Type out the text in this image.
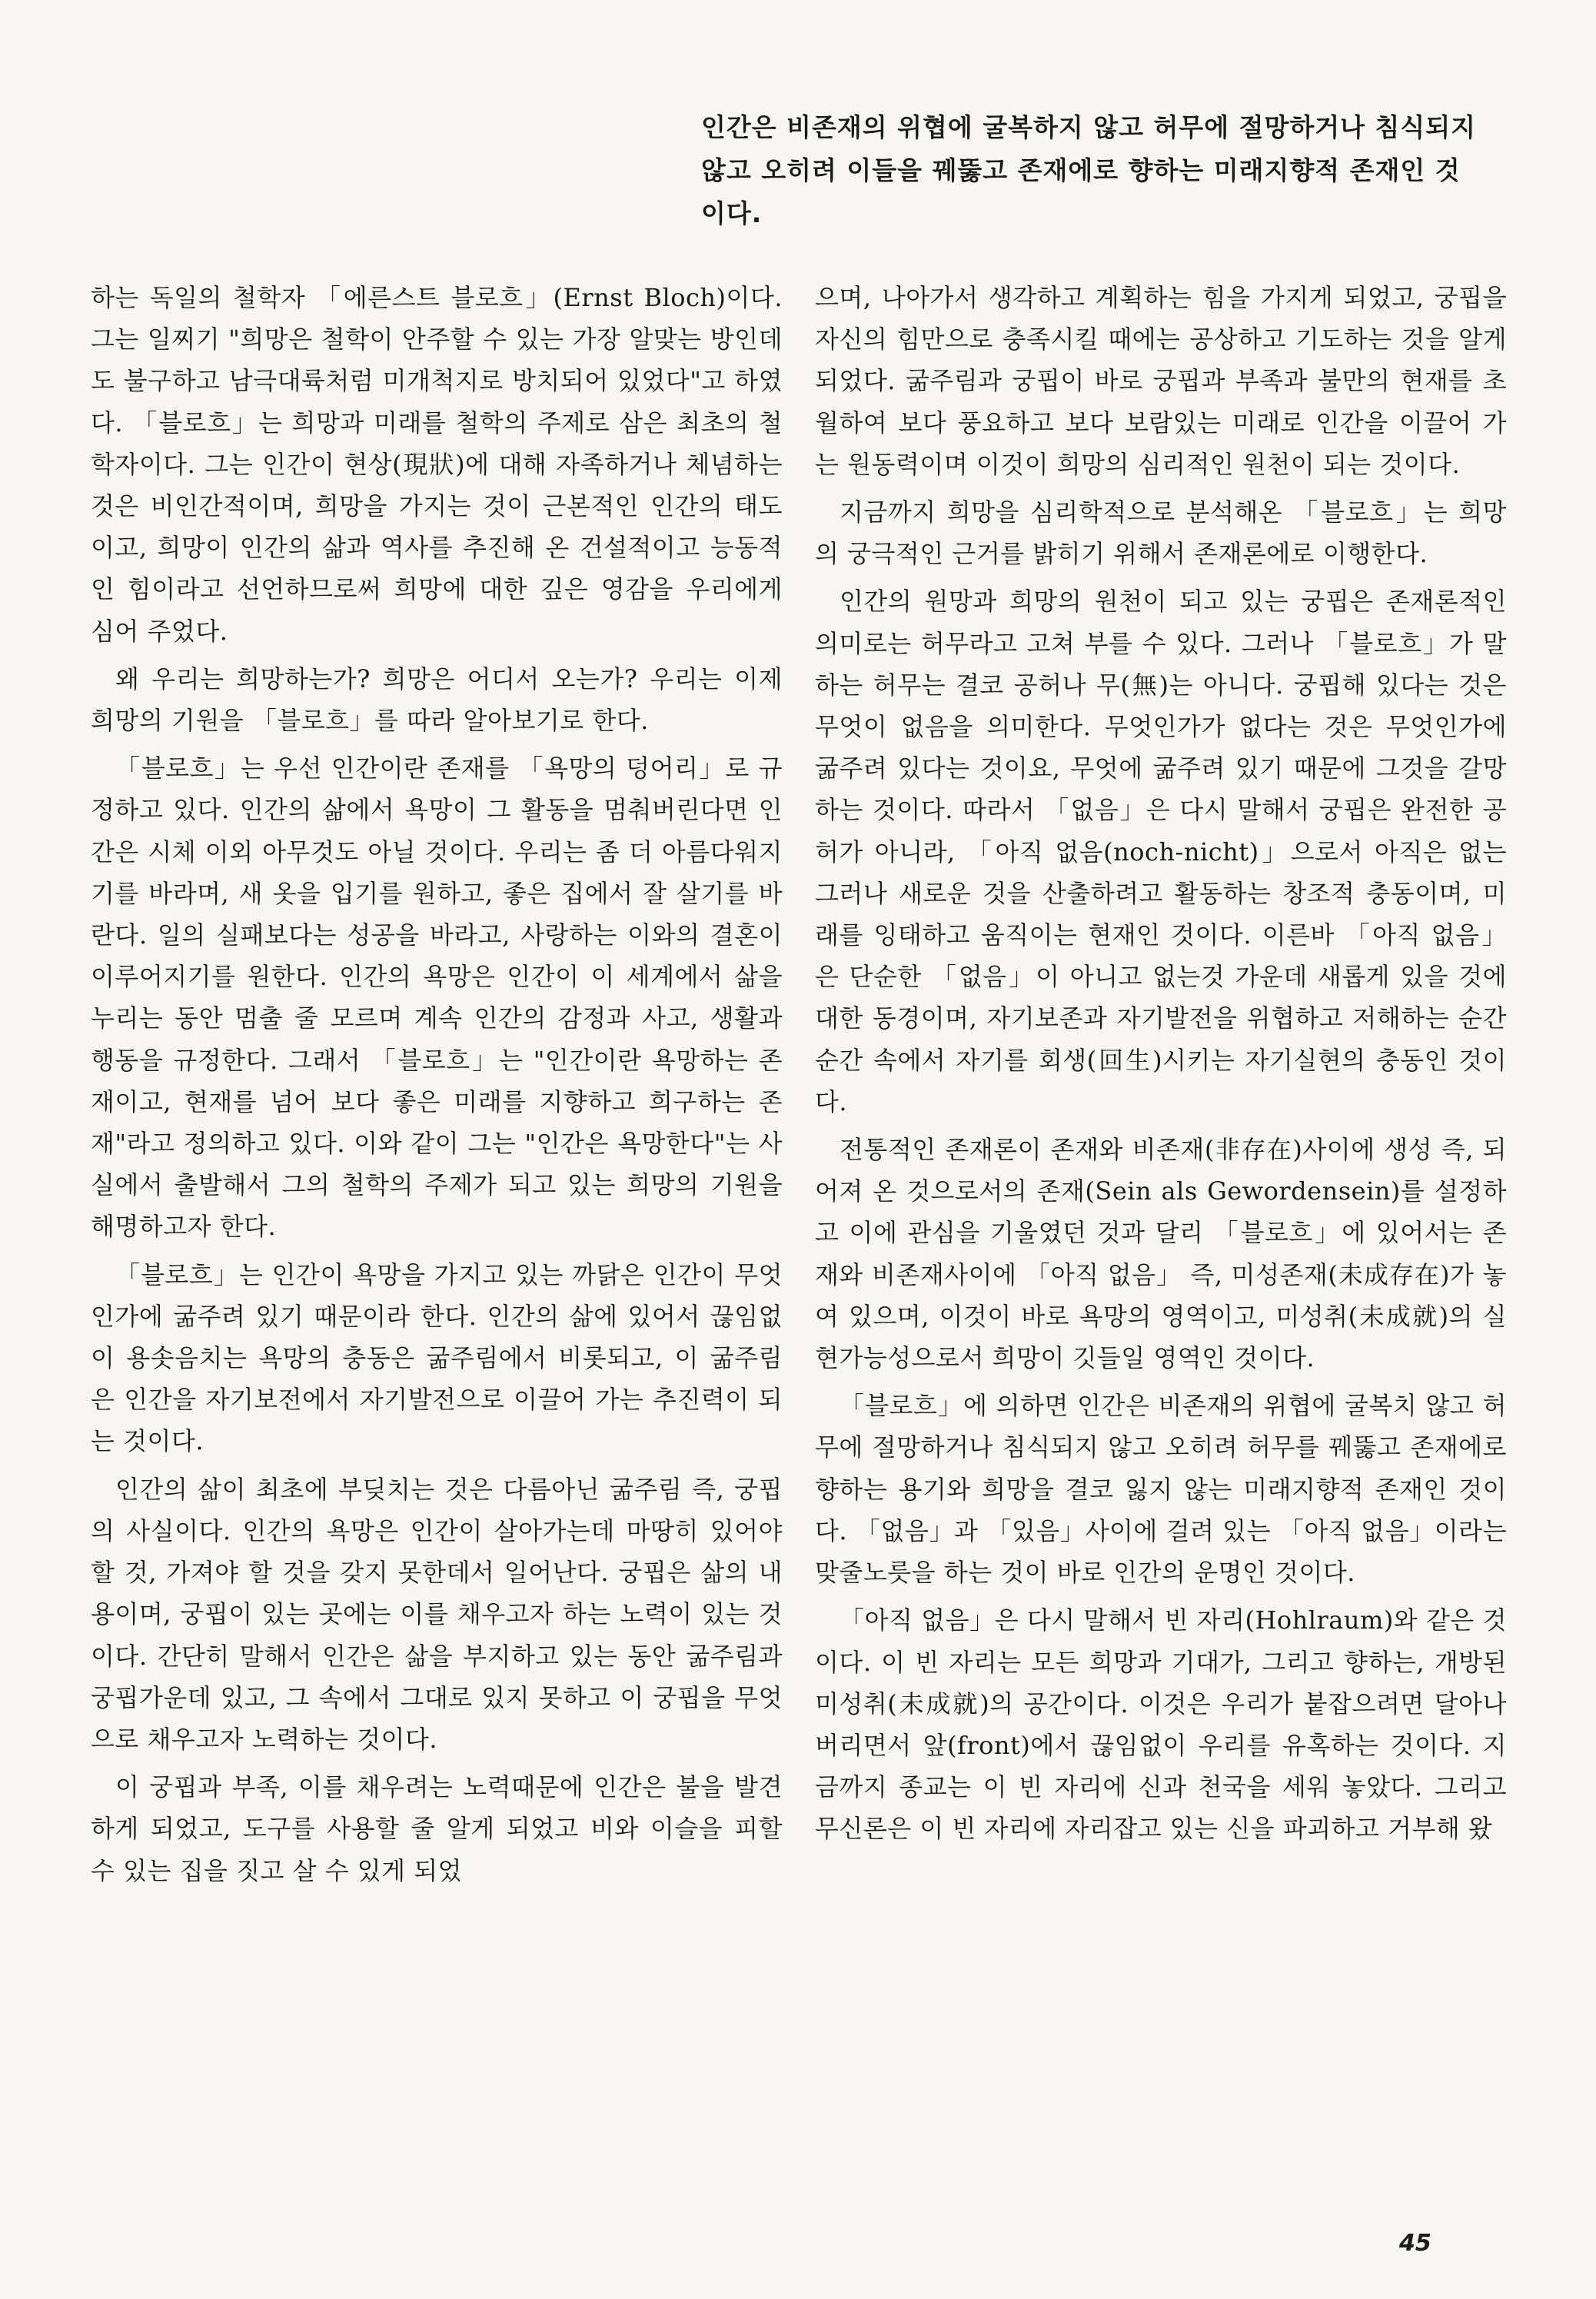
인간은 비존재의 위협에 굴복하지 않고 허무에 절망하거나 침식되지 않고 오히려 이들을 꿰뚫고 존재에로 향하는 미래지향적 존재인 것이다.

하는 독일의 철학자 「에른스트 블로흐」(Ernst Bloch)이다. 그는 일찌기 "희망은 철학이 안주할 수 있는 가장 알맞는 방인데도 불구하고 남극대륙처럼 미개척지로 방치되어 있었다"고 하였다. 「블로흐」는 희망과 미래를 철학의 주제로 삼은 최초의 철학자이다. 그는 인간이 현상(現狀)에 대해 자족하거나 체념하는 것은 비인간적이며, 희망을 가지는 것이 근본적인 인간의 태도이고, 희망이 인간의 삶과 역사를 추진해 온 건설적이고 능동적인 힘이라고 선언하므로써 희망에 대한 깊은 영감을 우리에게 심어 주었다.

왜 우리는 희망하는가? 희망은 어디서 오는가? 우리는 이제 희망의 기원을 「블로흐」를 따라 알아보기로 한다.

「블로흐」는 우선 인간이란 존재를 「욕망의 덩어리」로 규정하고 있다. 인간의 삶에서 욕망이 그 활동을 멈춰버린다면 인간은 시체 이외 아무것도 아닐 것이다. 우리는 좀 더 아름다워지기를 바라며, 새 옷을 입기를 원하고, 좋은 집에서 잘 살기를 바란다. 일의 실패보다는 성공을 바라고, 사랑하는 이와의 결혼이 이루어지기를 원한다. 인간의 욕망은 인간이 이 세계에서 삶을 누리는 동안 멈출 줄 모르며 계속 인간의 감정과 사고, 생활과 행동을 규정한다. 그래서 「블로흐」는 "인간이란 욕망하는 존재이고, 현재를 넘어 보다 좋은 미래를 지향하고 희구하는 존재"라고 정의하고 있다. 이와 같이 그는 "인간은 욕망한다"는 사실에서 출발해서 그의 철학의 주제가 되고 있는 희망의 기원을 해명하고자 한다.

「블로흐」는 인간이 욕망을 가지고 있는 까닭은 인간이 무엇인가에 굶주려 있기 때문이라 한다. 인간의 삶에 있어서 끊임없이 용솟음치는 욕망의 충동은 굶주림에서 비롯되고, 이 굶주림은 인간을 자기보전에서 자기발전으로 이끌어 가는 추진력이 되는 것이다.

인간의 삶이 최초에 부딪치는 것은 다름아닌 굶주림 즉, 궁핍의 사실이다. 인간의 욕망은 인간이 살아가는데 마땅히 있어야 할 것, 가져야 할 것을 갖지 못한데서 일어난다. 궁핍은 삶의 내용이며, 궁핍이 있는 곳에는 이를 채우고자 하는 노력이 있는 것이다. 간단히 말해서 인간은 삶을 부지하고 있는 동안 굶주림과 궁핍가운데 있고, 그 속에서 그대로 있지 못하고 이 궁핍을 무엇으로 채우고자 노력하는 것이다.

이 궁핍과 부족, 이를 채우려는 노력때문에 인간은 불을 발견하게 되었고, 도구를 사용할 줄 알게 되었고 비와 이슬을 피할 수 있는 집을 짓고 살 수 있게 되었

으며, 나아가서 생각하고 계획하는 힘을 가지게 되었고, 궁핍을 자신의 힘만으로 충족시킬 때에는 공상하고 기도하는 것을 알게 되었다. 굶주림과 궁핍이 바로 궁핍과 부족과 불만의 현재를 초월하여 보다 풍요하고 보다 보람있는 미래로 인간을 이끌어 가는 원동력이며 이것이 희망의 심리적인 원천이 되는 것이다.

지금까지 희망을 심리학적으로 분석해온 「블로흐」는 희망의 궁극적인 근거를 밝히기 위해서 존재론에로 이행한다.

인간의 원망과 희망의 원천이 되고 있는 궁핍은 존재론적인 의미로는 허무라고 고쳐 부를 수 있다. 그러나 「블로흐」가 말하는 허무는 결코 공허나 무(無)는 아니다. 궁핍해 있다는 것은 무엇이 없음을 의미한다. 무엇인가가 없다는 것은 무엇인가에 굶주려 있다는 것이요, 무엇에 굶주려 있기 때문에 그것을 갈망하는 것이다. 따라서 「없음」은 다시 말해서 궁핍은 완전한 공허가 아니라, 「아직 없음(noch-nicht)」으로서 아직은 없는 그러나 새로운 것을 산출하려고 활동하는 창조적 충동이며, 미래를 잉태하고 움직이는 현재인 것이다. 이른바 「아직 없음」은 단순한 「없음」이 아니고 없는것 가운데 새롭게 있을 것에 대한 동경이며, 자기보존과 자기발전을 위협하고 저해하는 순간 순간 속에서 자기를 회생(回生)시키는 자기실현의 충동인 것이다.

전통적인 존재론이 존재와 비존재(非存在)사이에 생성 즉, 되어져 온 것으로서의 존재(Sein als Gewordensein)를 설정하고 이에 관심을 기울였던 것과 달리 「블로흐」에 있어서는 존재와 비존재사이에 「아직 없음」 즉, 미성존재(未成存在)가 놓여 있으며, 이것이 바로 욕망의 영역이고, 미성취(未成就)의 실현가능성으로서 희망이 깃들일 영역인 것이다.

「블로흐」에 의하면 인간은 비존재의 위협에 굴복치 않고 허무에 절망하거나 침식되지 않고 오히려 허무를 꿰뚫고 존재에로 향하는 용기와 희망을 결코 잃지 않는 미래지향적 존재인 것이다. 「없음」과 「있음」사이에 걸려 있는 「아직 없음」이라는 맞줄노릇을 하는 것이 바로 인간의 운명인 것이다.

「아직 없음」은 다시 말해서 빈 자리(Hohlraum)와 같은 것이다. 이 빈 자리는 모든 희망과 기대가, 그리고 향하는, 개방된 미성취(未成就)의 공간이다. 이것은 우리가 붙잡으려면 달아나 버리면서 앞(front)에서 끊임없이 우리를 유혹하는 것이다. 지금까지 종교는 이 빈 자리에 신과 천국을 세워 놓았다. 그리고 무신론은 이 빈 자리에 자리잡고 있는 신을 파괴하고 거부해 왔

45
